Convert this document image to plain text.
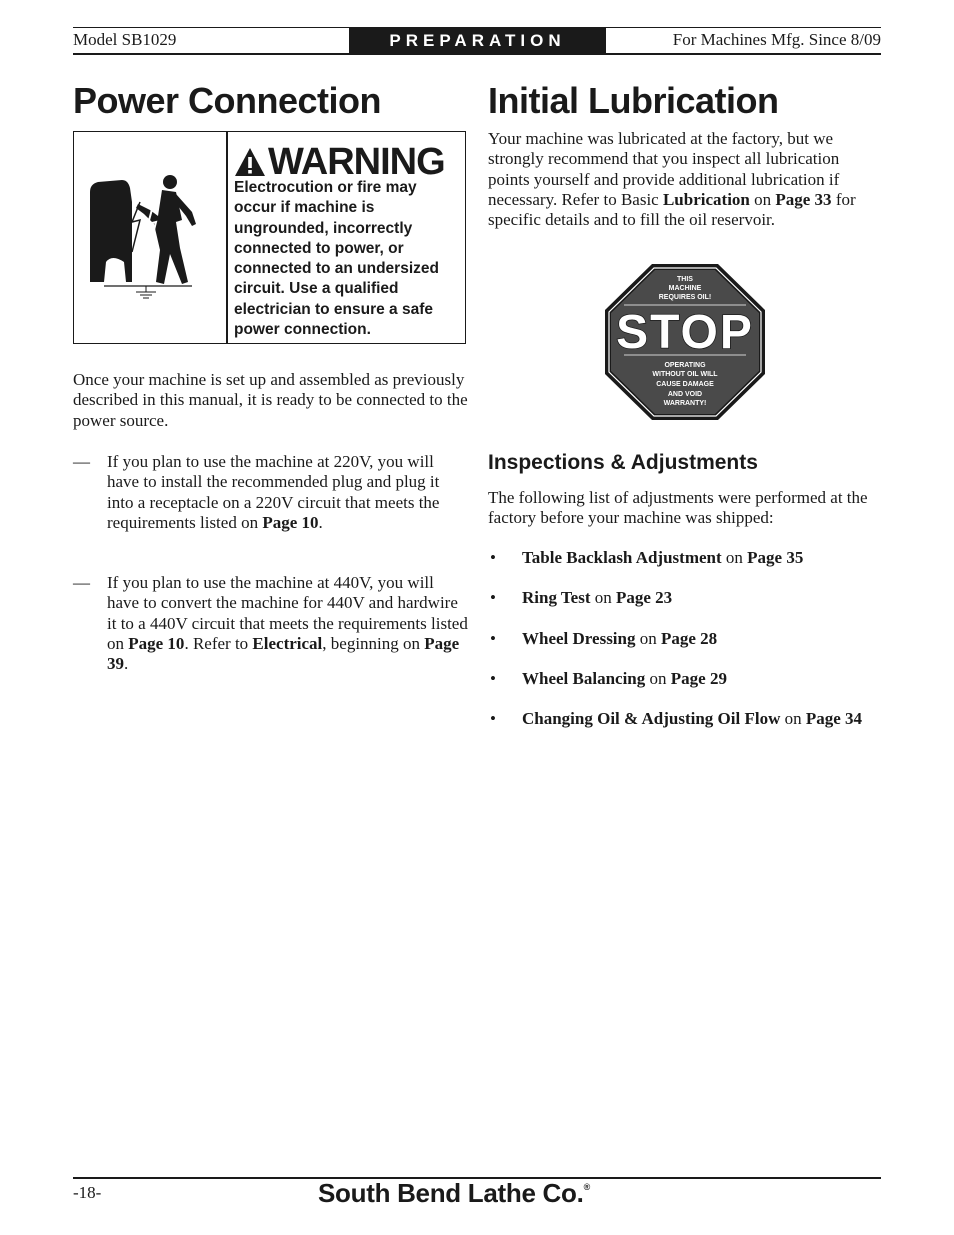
Model SB1029	PREPARATION	For Machines Mfg. Since 8/09
Power Connection
WARNING
Electrocution or fire may occur if machine is ungrounded, incorrectly connected to power, or connected to an undersized circuit. Use a qualified electrician to ensure a safe power connection.
Once your machine is set up and assembled as previously described in this manual, it is ready to be connected to the power source.
— If you plan to use the machine at 220V, you will have to install the recommended plug and plug it into a receptacle on a 220V circuit that meets the requirements listed on Page 10.
— If you plan to use the machine at 440V, you will have to convert the machine for 440V and hardwire it to a 440V circuit that meets the requirements listed on Page 10. Refer to Electrical, beginning on Page 39.
Initial Lubrication
Your machine was lubricated at the factory, but we strongly recommend that you inspect all lubrication points yourself and provide additional lubrication if necessary. Refer to Basic Lubrication on Page 33 for specific details and to fill the oil reservoir.
THIS
MACHINE
REQUIRES OIL!
STOP
OPERATING
WITHOUT OIL WILL
CAUSE DAMAGE
AND VOID
WARRANTY!
Inspections & Adjustments
The following list of adjustments were performed at the factory before your machine was shipped:
• Table Backlash Adjustment on Page 35
• Ring Test on Page 23
• Wheel Dressing on Page 28
• Wheel Balancing on Page 29
• Changing Oil & Adjusting Oil Flow on Page 34
-18-	South Bend Lathe Co.®
